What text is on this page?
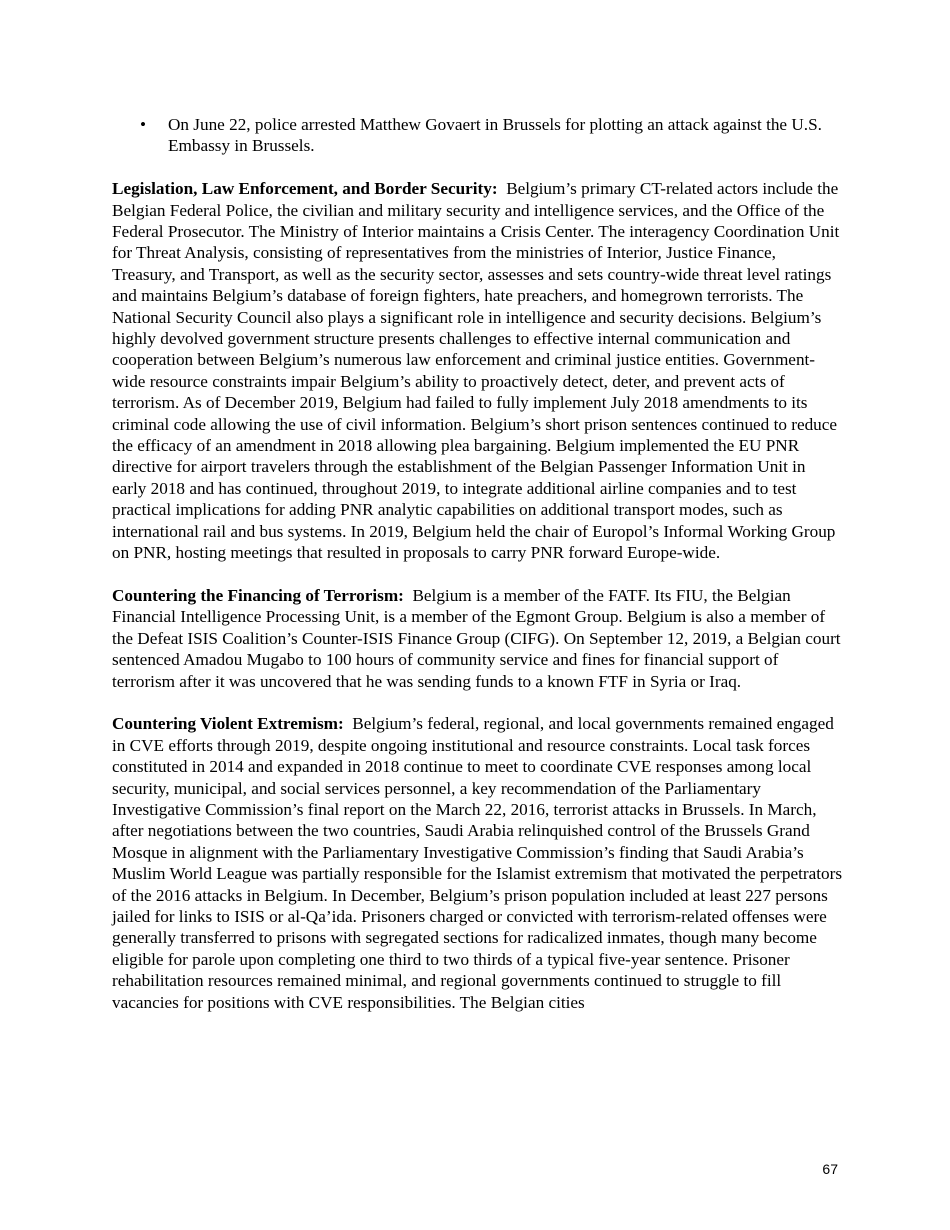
• On June 22, police arrested Matthew Govaert in Brussels for plotting an attack against the U.S. Embassy in Brussels.

Legislation, Law Enforcement, and Border Security: Belgium’s primary CT-related actors include the Belgian Federal Police, the civilian and military security and intelligence services, and the Office of the Federal Prosecutor. The Ministry of Interior maintains a Crisis Center. The interagency Coordination Unit for Threat Analysis, consisting of representatives from the ministries of Interior, Justice Finance, Treasury, and Transport, as well as the security sector, assesses and sets country-wide threat level ratings and maintains Belgium’s database of foreign fighters, hate preachers, and homegrown terrorists. The National Security Council also plays a significant role in intelligence and security decisions. Belgium’s highly devolved government structure presents challenges to effective internal communication and cooperation between Belgium’s numerous law enforcement and criminal justice entities. Government-wide resource constraints impair Belgium’s ability to proactively detect, deter, and prevent acts of terrorism. As of December 2019, Belgium had failed to fully implement July 2018 amendments to its criminal code allowing the use of civil information. Belgium’s short prison sentences continued to reduce the efficacy of an amendment in 2018 allowing plea bargaining. Belgium implemented the EU PNR directive for airport travelers through the establishment of the Belgian Passenger Information Unit in early 2018 and has continued, throughout 2019, to integrate additional airline companies and to test practical implications for adding PNR analytic capabilities on additional transport modes, such as international rail and bus systems. In 2019, Belgium held the chair of Europol’s Informal Working Group on PNR, hosting meetings that resulted in proposals to carry PNR forward Europe-wide.

Countering the Financing of Terrorism: Belgium is a member of the FATF. Its FIU, the Belgian Financial Intelligence Processing Unit, is a member of the Egmont Group. Belgium is also a member of the Defeat ISIS Coalition’s Counter-ISIS Finance Group (CIFG). On September 12, 2019, a Belgian court sentenced Amadou Mugabo to 100 hours of community service and fines for financial support of terrorism after it was uncovered that he was sending funds to a known FTF in Syria or Iraq.

Countering Violent Extremism: Belgium’s federal, regional, and local governments remained engaged in CVE efforts through 2019, despite ongoing institutional and resource constraints. Local task forces constituted in 2014 and expanded in 2018 continue to meet to coordinate CVE responses among local security, municipal, and social services personnel, a key recommendation of the Parliamentary Investigative Commission’s final report on the March 22, 2016, terrorist attacks in Brussels. In March, after negotiations between the two countries, Saudi Arabia relinquished control of the Brussels Grand Mosque in alignment with the Parliamentary Investigative Commission’s finding that Saudi Arabia’s Muslim World League was partially responsible for the Islamist extremism that motivated the perpetrators of the 2016 attacks in Belgium. In December, Belgium’s prison population included at least 227 persons jailed for links to ISIS or al-Qa’ida. Prisoners charged or convicted with terrorism-related offenses were generally transferred to prisons with segregated sections for radicalized inmates, though many become eligible for parole upon completing one third to two thirds of a typical five-year sentence. Prisoner rehabilitation resources remained minimal, and regional governments continued to struggle to fill vacancies for positions with CVE responsibilities. The Belgian cities

67
